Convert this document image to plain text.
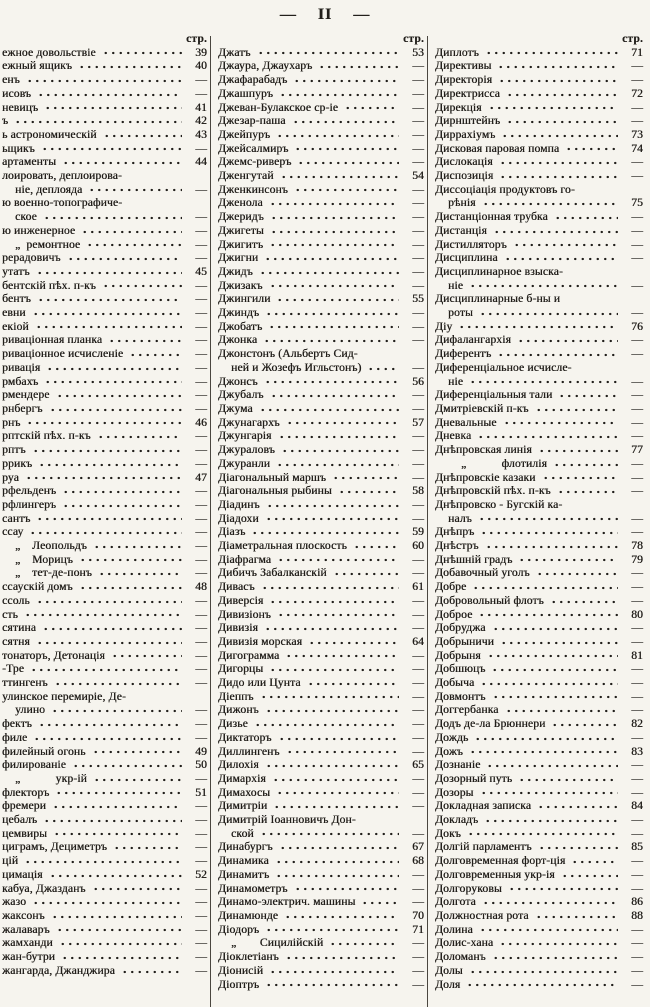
— II —
стр.
ежное довольствіе	39
ежный ящикъ	40
енъ	—
исовъ	—
невицъ	41
ъ	42
ь астрономическій	43
ьщикъ	—
артаменты	44
лоировать, деплоирова-
ніе, деплояда	—
ю военно-топографиче-
ское	—
ю инженерное	—
„ ремонтное	—
рерадовичъ	—
утатъ	45
бентскій пѣх. п-къ	—
бентъ	—
евни	—
екіой	—
риваціонная планка	—
риваціонное исчисленіе	—
ривація	—
рмбахъ	—
рмендере	—
рнбергъ	—
рнъ	46
рптскій пѣх. п-къ	—
рптъ	—
ррикъ	—
руа	47
рфельденъ	—
рфлингеръ	—
сантъ	—
ссау	—
„ Леопольдъ	—
„ Морицъ	—
„ тет-де-понъ	—
ссаускій домъ	48
ссоль	—
сть	—
сятина	—
сятня	—
тонаторъ, Детонація	—
-Тре	—
ттингенъ	—
улинское перемиріе, Де-
улино	—
фектъ	—
филе	—
филейный огонь	49
филированіе	50
„   укр-ій	—
флекторъ	51
фремери	—
цебалъ	—
цемвиры	—
циграмъ, Дециметръ	—
цій	—
цимація	52
кабуа, Джазданъ	—
жазо	—
жаксонъ	—
жалаваръ	—
жамханди	—
жан-бутри	—
жангарда, Джанджира	—
стр.
Джатъ	53
Джаура, Джаухаръ	—
Джафарабадъ	—
Джашпуръ	—
Джеван-Булакское ср-іе	—
Джезар-паша	—
Джейпуръ	—
Джейсалмиръ	—
Джемс-риверъ	—
Дженгутай	54
Дженкинсонъ	—
Дженола	—
Джеридъ	—
Джигеты	—
Джигитъ	—
Джигни	—
Джидъ	—
Джизакъ	—
Джингили	55
Джиндъ	—
Джобатъ	—
Джонка	—
Джонстонъ (Альбертъ Сид-
ней и Жозефъ Игльстонъ)	—
Джонсъ	56
Джубалъ	—
Джума	—
Джунагархъ	57
Джунгарія	—
Джураловъ	—
Джуранли	—
Діагональный маршъ	—
Діагональныя рыбины	58
Діадинъ	—
Діадохи	—
Діазъ	59
Діаметральная плоскость	60
Діафрагма	—
Дибичъ Забалканскій	—
Дивасъ	61
Диверсія	—
Дивизіонъ	—
Дивизія	—
Дивизія морская	64
Дигограмма	—
Дигорцы	—
Дидо или Цунта	—
Діеппъ	—
Дижонъ	—
Дизье	—
Диктаторъ	—
Диллингенъ	—
Дилохія	65
Димархія	—
Димахосы	—
Димитріи	—
Димитрій Іоанновичъ Дон-
ской	—
Динабургъ	67
Динамика	68
Динамитъ	—
Динамометръ	—
Динамо-электрич. машины	—
Динамюнде	70
Діодоръ	71
„  Сицилійскій	—
Діоклетіанъ	—
Діонисій	—
Діоптръ	—
стр.
Диплотъ	71
Директивы	—
Директорія	—
Директрисса	72
Дирекція	—
Дирнштейнъ	—
Диррахіумъ	73
Дисковая паровая помпа	74
Дислокація	—
Диспозиція	—
Диссоціація продуктовъ го-
рѣнія	75
Дистанціонная трубка	—
Дистанція	—
Дистилляторъ	—
Дисциплина	—
Дисциплинарное взыска-
ніе	—
Дисциплинарные б-ны и
роты	—
Діу	76
Дифалангархія	—
Диферентъ	—
Диференціальное исчисле-
ніе	—
Диференціальныя тали	—
Дмитріевскій п-къ	—
Дневальные	—
Дневка	—
Днѣпровская линія	77
„   флотилія	—
Днѣпровскіе казаки	—
Днѣпровскій пѣх. п-къ	—
Днѣпровско - Бугскій ка-
налъ	—
Днѣпръ	—
Днѣстръ	78
Днѣшній градъ	79
Добавочный уголъ	—
Добре	—
Добровольный флотъ	—
Доброе	80
Добруджа	—
Добрыничи	—
Добрыня	81
Добшюцъ	—
Добыча	—
Довмонтъ	—
Доггербанка	—
Додъ де-ла Брюннери	82
Дождь	—
Дожъ	83
Дознаніе	—
Дозорный путь	—
Дозоры	—
Докладная записка	84
Докладъ	—
Докъ	—
Долгій парламентъ	85
Долговременная форт-ція	—
Долговременныя укр-ія	—
Долгоруковы	—
Долгота	86
Должностная рота	88
Долина	—
Долис-хана	—
Доломанъ	—
Долы	—
Доля	—
